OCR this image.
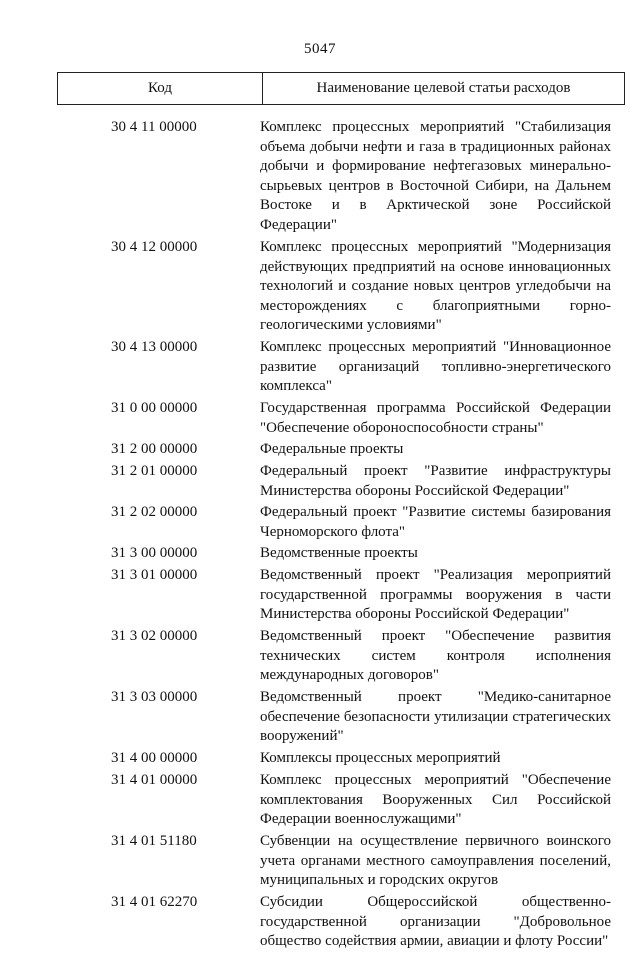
5047
Код	Наименование целевой статьи расходов
30 4 11 00000	Комплекс процессных мероприятий "Стабилизация объема добычи нефти и газа в традиционных районах добычи и формирование нефтегазовых минерально-сырьевых центров в Восточной Сибири, на Дальнем Востоке и в Арктической зоне Российской Федерации"
30 4 12 00000	Комплекс процессных мероприятий "Модернизация действующих предприятий на основе инновационных технологий и создание новых центров угледобычи на месторождениях с благоприятными горно-геологическими условиями"
30 4 13 00000	Комплекс процессных мероприятий "Инновационное развитие организаций топливно-энергетического комплекса"
31 0 00 00000	Государственная программа Российской Федерации "Обеспечение обороноспособности страны"
31 2 00 00000	Федеральные проекты
31 2 01 00000	Федеральный проект "Развитие инфраструктуры Министерства обороны Российской Федерации"
31 2 02 00000	Федеральный проект "Развитие системы базирования Черноморского флота"
31 3 00 00000	Ведомственные проекты
31 3 01 00000	Ведомственный проект "Реализация мероприятий государственной программы вооружения в части Министерства обороны Российской Федерации"
31 3 02 00000	Ведомственный проект "Обеспечение развития технических систем контроля исполнения международных договоров"
31 3 03 00000	Ведомственный проект "Медико-санитарное обеспечение безопасности утилизации стратегических вооружений"
31 4 00 00000	Комплексы процессных мероприятий
31 4 01 00000	Комплекс процессных мероприятий "Обеспечение комплектования Вооруженных Сил Российской Федерации военнослужащими"
31 4 01 51180	Субвенции на осуществление первичного воинского учета органами местного самоуправления поселений, муниципальных и городских округов
31 4 01 62270	Субсидии Общероссийской общественно-государственной организации "Добровольное общество содействия армии, авиации и флоту России"
